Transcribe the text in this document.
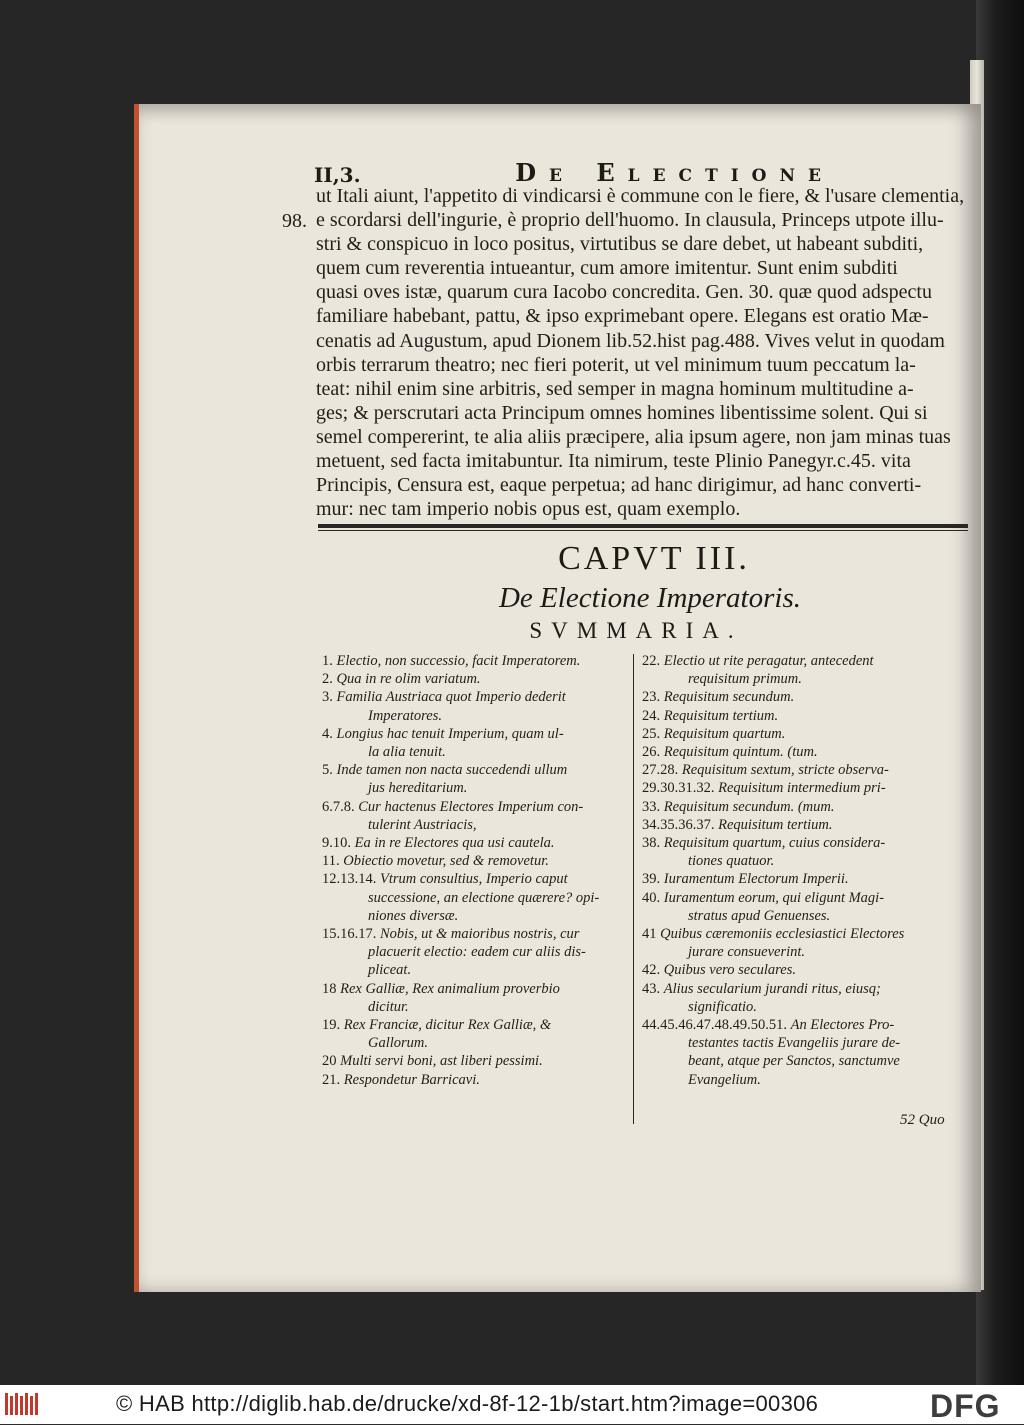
II,3.	De Electione
98.

ut Itali aiunt, l'appetito di vindicarsi è commune con le fiere, & l'usare clementia,
e scordarsi dell'ingurie, è proprio dell'huomo. In clausula, Princeps utpote illu-
stri & conspicuo in loco positus, virtutibus se dare debet, ut habeant subditi,
quem cum reverentia intueantur, cum amore imitentur. Sunt enim subditi
quasi oves istæ, quarum cura Iacobo concredita. Gen. 30. quæ quod adspectu
familiare habebant, pattu, & ipso exprimebant opere. Elegans est oratio Mæ-
cenatis ad Augustum, apud Dionem lib.52.hist pag.488. Vives velut in quodam
orbis terrarum theatro; nec fieri poterit, ut vel minimum tuum peccatum la-
teat: nihil enim sine arbitris, sed semper in magna hominum multitudine a-
ges; & perscrutari acta Principum omnes homines libentissime solent. Qui si
semel compererint, te alia aliis præcipere, alia ipsum agere, non jam minas tuas
metuent, sed facta imitabuntur. Ita nimirum, teste Plinio Panegyr.c.45. vita
Principis, Censura est, eaque perpetua; ad hanc dirigimur, ad hanc converti-
mur: nec tam imperio nobis opus est, quam exemplo.

CAPVT III.
De Electione Imperatoris.
SVMMARIA.
1. Electio, non successio, facit Imperatorem.
2. Qua in re olim variatum.
3. Familia Austriaca quot Imperio dederit
Imperatores.
4. Longius hac tenuit Imperium, quam ul-
la alia tenuit.
5. Inde tamen non nacta succedendi ullum
jus hereditarium.
6.7.8. Cur hactenus Electores Imperium con-
tulerint Austriacis,
9.10. Ea in re Electores qua usi cautela.
11. Obiectio movetur, sed & removetur.
12.13.14. Vtrum consultius, Imperio caput
successione, an electione quærere? opi-
niones diversæ.
15.16.17. Nobis, ut & maioribus nostris, cur
placuerit electio: eadem cur aliis dis-
pliceat.
18 Rex Galliæ, Rex animalium proverbio
dicitur.
19. Rex Franciæ, dicitur Rex Galliæ, &
Gallorum.
20 Multi servi boni, ast liberi pessimi.
21. Respondetur Barricavi.
22. Electio ut rite peragatur, antecedent
requisitum primum.
23. Requisitum secundum.
24. Requisitum tertium.
25. Requisitum quartum.
26. Requisitum quintum. (tum.
27.28. Requisitum sextum, stricte observa-
29.30.31.32. Requisitum intermedium pri-
33. Requisitum secundum. (mum.
34.35.36.37. Requisitum tertium.
38. Requisitum quartum, cuius considera-
tiones quatuor.
39. Iuramentum Electorum Imperii.
40. Iuramentum eorum, qui eligunt Magi-
stratus apud Genuenses.
41 Quibus cæremoniis ecclesiastici Electores
jurare consueverint.
42. Quibus vero seculares.
43. Alius secularium jurandi ritus, eiusq;
significatio.
44.45.46.47.48.49.50.51. An Electores Pro-
testantes tactis Evangeliis jurare de-
beant, atque per Sanctos, sanctumve
Evangelium.
52 Quo
© HAB http://diglib.hab.de/drucke/xd-8f-12-1b/start.htm?image=00306	DFG
